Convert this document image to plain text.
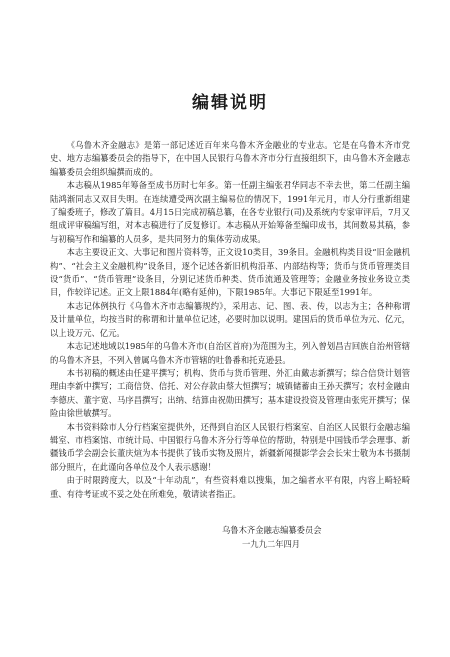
编辑说明

《乌鲁木齐金融志》是第一部记述近百年来乌鲁木齐金融业的专业志。它是在乌鲁木齐市党史、地方志编纂委员会的指导下，在中国人民银行乌鲁木齐市分行直接组织下，由乌鲁木齐金融志编纂委员会组织编撰而成的。

本志稿从1985年筹备至成书历时七年多。第一任副主编张君华同志不幸去世，第二任副主编陆鸿渐同志又双目失明。在连续遭受两次副主编易位的情况下，1991年元月，市人分行重新组建了编委班子，修改了篇目。4月15日完成初稿总纂，在各专业银行(司)及系统内专家审评后，7月又组成评审稿编写组，对本志稿进行了反复修订。本志稿从开始筹备至编印成书，其间数易其稿，参与初稿写作和编纂的人员多，是共同努力的集体劳动成果。

本志主要设正文、大事记和图片资料等，正文设10类目，39条目。金融机构类目设“旧金融机构”、“社会主义金融机构”设条目，逐个记述各新旧机构沿革、内部结构等；货币与货币管理类目设“货币”、“货币管理”设条目，分别记述货币种类、货币流通及管理等；金融业务按业务设立类目，作较详记述。正文上限1884年(略有延伸)，下限1985年。大事记下限延至1991年。

本志记体例执行《乌鲁木齐市志编纂规约》，采用志、记、图、表、传，以志为主；各种称谓及计量单位，均按当时的称谓和计量单位记述，必要时加以说明。建国后的货币单位为元、亿元，以上设万元、亿元。

本志记述地域以1985年的乌鲁木齐市(自治区首府)为范围为主，列入曾划昌吉回族自治州管辖的乌鲁木齐县，不列入曾属乌鲁木齐市管辖的吐鲁番和托克逊县。

本书初稿的概述由任建平撰写；机构、货币与货币管理、外汇由戴志新撰写；综合信贷计划管理由李新中撰写；工商信贷、信托、对公存款由蔡大恒撰写；城镇储蓄由王孙天撰写；农村金融由李德庆、董宇宽、马序昌撰写；出纳、结算由祝勋田撰写；基本建设投资及管理由张宪开撰写；保险由徐世敏撰写。

本书资料除市人分行档案室提供外，还得到自治区人民银行档案室、自治区人民银行金融志编辑室、市档案馆、市统计局、中国银行乌鲁木齐分行等单位的帮助，特别是中国钱币学会理事、新疆钱币学会副会长董庆煊为本书提供了钱币实物及照片，新疆新闻摄影学会会长宋士敬为本书摄制部分照片，在此谨向各单位及个人表示感谢！

由于时限跨度大，以及“十年动乱”，有些资料难以搜集，加之编者水平有限，内容上畸轻畸重、有待考证或不妥之处在所难免，敬请读者指正。

乌鲁木齐金融志编纂委员会
一九九二年四月
